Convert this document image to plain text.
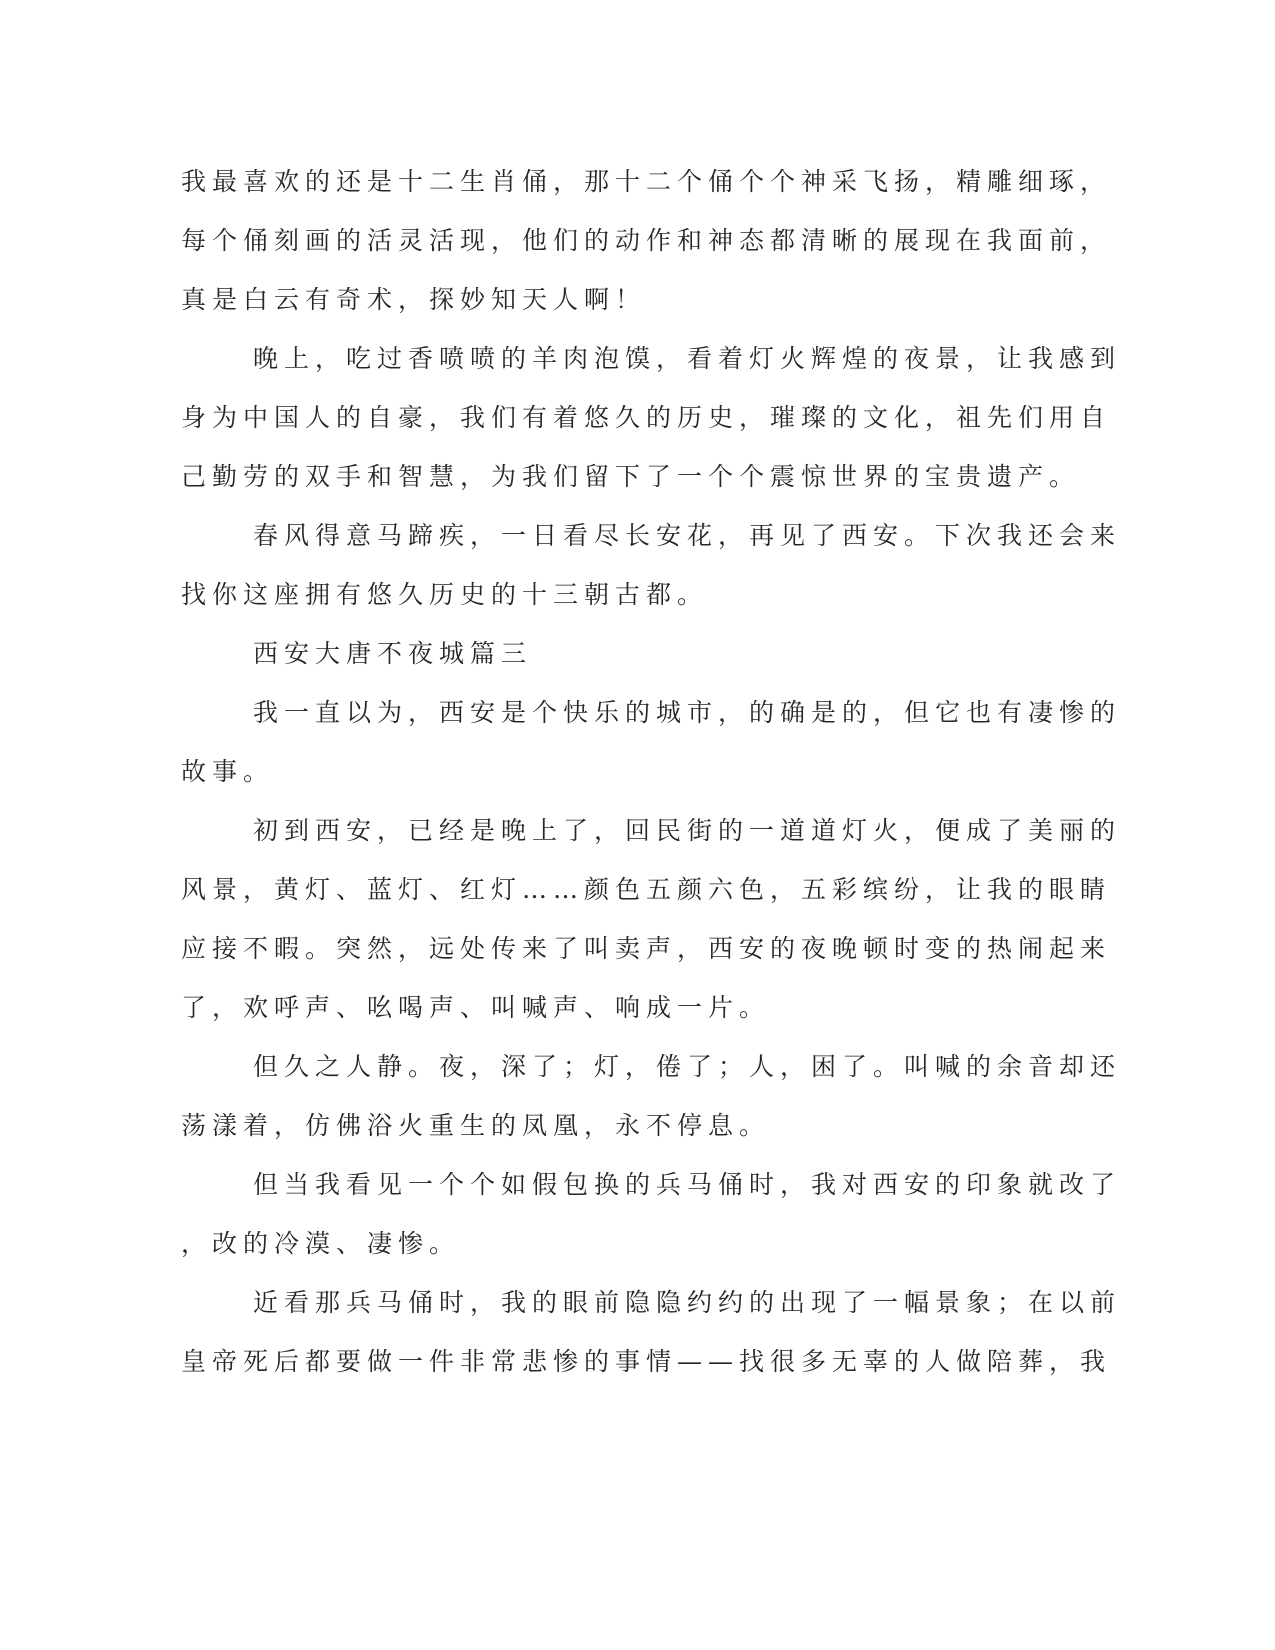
我最喜欢的还是十二生肖俑，那十二个俑个个神采飞扬，精雕细琢，
每个俑刻画的活灵活现，他们的动作和神态都清晰的展现在我面前，
真是白云有奇术，探妙知天人啊！
晚上，吃过香喷喷的羊肉泡馍，看着灯火辉煌的夜景，让我感到
身为中国人的自豪，我们有着悠久的历史，璀璨的文化，祖先们用自
己勤劳的双手和智慧，为我们留下了一个个震惊世界的宝贵遗产。
春风得意马蹄疾，一日看尽长安花，再见了西安。下次我还会来
找你这座拥有悠久历史的十三朝古都。
西安大唐不夜城篇三
我一直以为，西安是个快乐的城市，的确是的，但它也有凄惨的
故事。
初到西安，已经是晚上了，回民街的一道道灯火，便成了美丽的
风景，黄灯、蓝灯、红灯……颜色五颜六色，五彩缤纷，让我的眼睛
应接不暇。突然，远处传来了叫卖声，西安的夜晚顿时变的热闹起来
了，欢呼声、吆喝声、叫喊声、响成一片。
但久之人静。夜，深了；灯，倦了；人，困了。叫喊的余音却还
荡漾着，仿佛浴火重生的凤凰，永不停息。
但当我看见一个个如假包换的兵马俑时，我对西安的印象就改了
，改的冷漠、凄惨。
近看那兵马俑时，我的眼前隐隐约约的出现了一幅景象；在以前
皇帝死后都要做一件非常悲惨的事情——找很多无辜的人做陪葬，我
